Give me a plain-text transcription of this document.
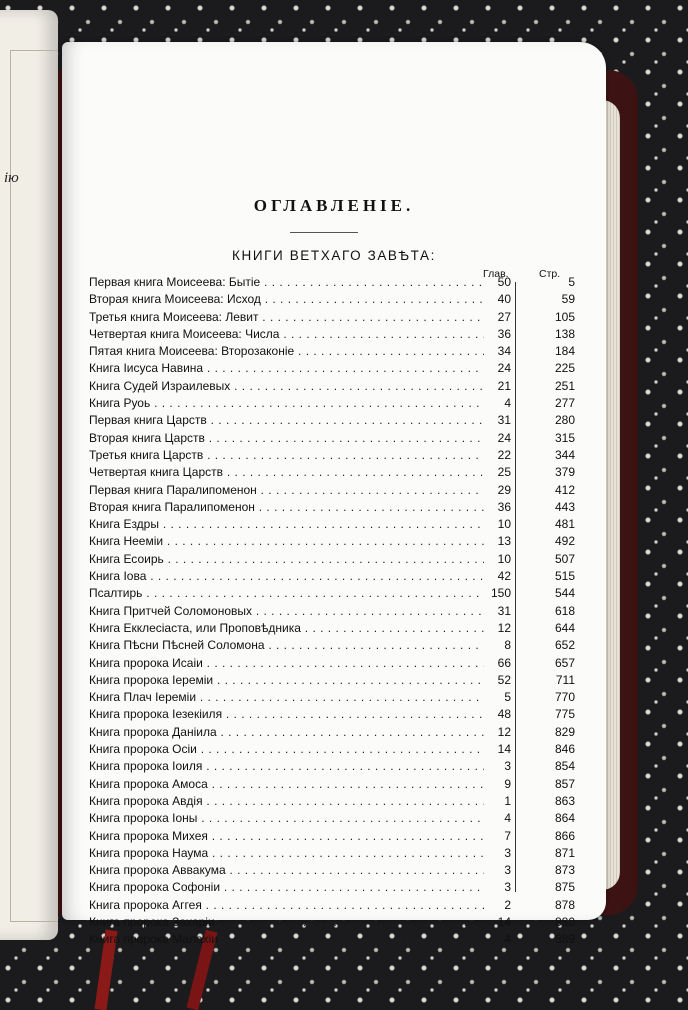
ію
ОГЛАВЛЕНІЕ.
КНИГИ ВЕТХАГО ЗАВѢТА:
Глав.	Стр.
Первая книга Моисеева: Бытіе . . .	50	5
Вторая книга Моисеева: Исход . . .	40	59
Третья книга Моисеева: Левит . . .	27	105
Четвертая книга Моисеева: Числа . . .	36	138
Пятая книга Моисеева: Второзаконіе . . .	34	184
Книга Іисуса Навина . . .	24	225
Книга Судей Израилевых . . .	21	251
Книга Руоь . . .	4	277
Первая книга Царств . . .	31	280
Вторая книга Царств . . .	24	315
Третья книга Царств . . .	22	344
Четвертая книга Царств . . .	25	379
Первая книга Паралипоменон . . .	29	412
Вторая книга Паралипоменон . . .	36	443
Книга Ездры . . .	10	481
Книга Нееміи . . .	13	492
Книга Есоирь . . .	10	507
Книга Іова . . .	42	515
Псалтирь . . .	150	544
Книга Притчей Соломоновых . . .	31	618
Книга Екклесіаста, или Проповѣдника . . .	12	644
Книга Пѣсни Пѣсней Соломона . . .	8	652
Книга пророка Исаіи . . .	66	657
Книга пророка Іереміи . . .	52	711
Книга Плач Іереміи . . .	5	770
Книга пророка Іезекіиля . . .	48	775
Книга пророка Даніила . . .	12	829
Книга пророка Осіи . . .	14	846
Книга пророка Іоиля . . .	3	854
Книга пророка Амоса . . .	9	857
Книга пророка Авдія . . .	1	863
Книга пророка Іоны . . .	4	864
Книга пророка Михея . . .	7	866
Книга пророка Наума . . .	3	871
Книга пророка Аввакума . . .	3	873
Книга пророка Софоніи . . .	3	875
Книга пророка Аггея . . .	2	878
Книга пророка Захаріи . . .	14	880
Книга пророка Малахіи . . .	4	889
